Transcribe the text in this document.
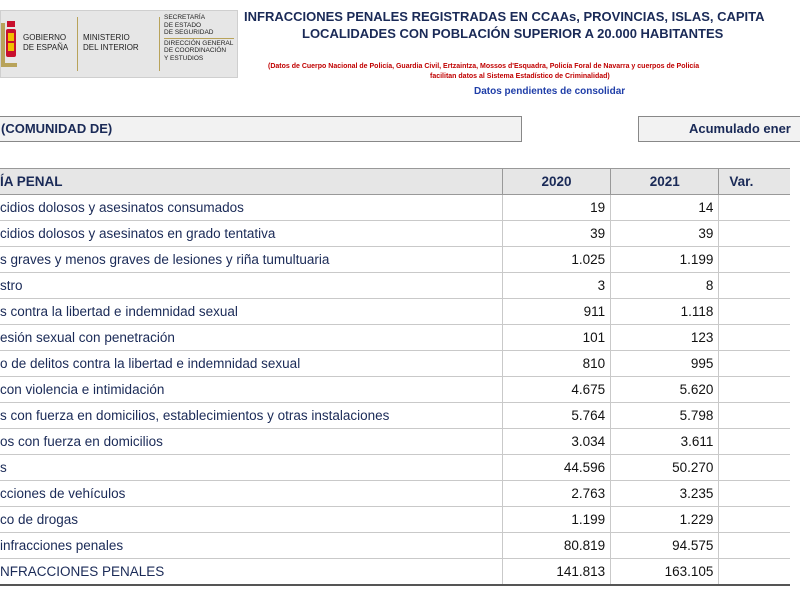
GOBIERNO
DE ESPAÑA
MINISTERIO
DEL INTERIOR
SECRETARÍA
DE ESTADO
DE SEGURIDAD
DIRECCIÓN GENERAL
DE COORDINACIÓN
Y ESTUDIOS
INFRACCIONES PENALES REGISTRADAS EN CCAAs, PROVINCIAS, ISLAS, CAPITA
LOCALIDADES CON POBLACIÓN SUPERIOR A 20.000 HABITANTES
(Datos de Cuerpo Nacional de Policía, Guardia Civil, Ertzaintza, Mossos d'Esquadra, Policía Foral de Navarra y cuerpos de Policía
facilitan datos al Sistema Estadístico de Criminalidad)
Datos pendientes de consolidar
(COMUNIDAD DE)	Acumulado ener
ÍA PENAL	2020	2021	Var.
cidios dolosos y asesinatos consumados	19	14	
cidios dolosos y asesinatos en grado tentativa	39	39	
s graves y menos graves de lesiones y riña tumultuaria	1.025	1.199	
stro	3	8	
s contra la libertad e indemnidad sexual	911	1.118	
esión sexual con penetración	101	123	
o de delitos contra la libertad e indemnidad sexual	810	995	
con violencia e intimidación	4.675	5.620	
s con fuerza en domicilios, establecimientos y otras instalaciones	5.764	5.798	
os con fuerza en domicilios	3.034	3.611	
s	44.596	50.270	
cciones de vehículos	2.763	3.235	
co de drogas	1.199	1.229	
infracciones penales	80.819	94.575	
NFRACCIONES PENALES	141.813	163.105	
